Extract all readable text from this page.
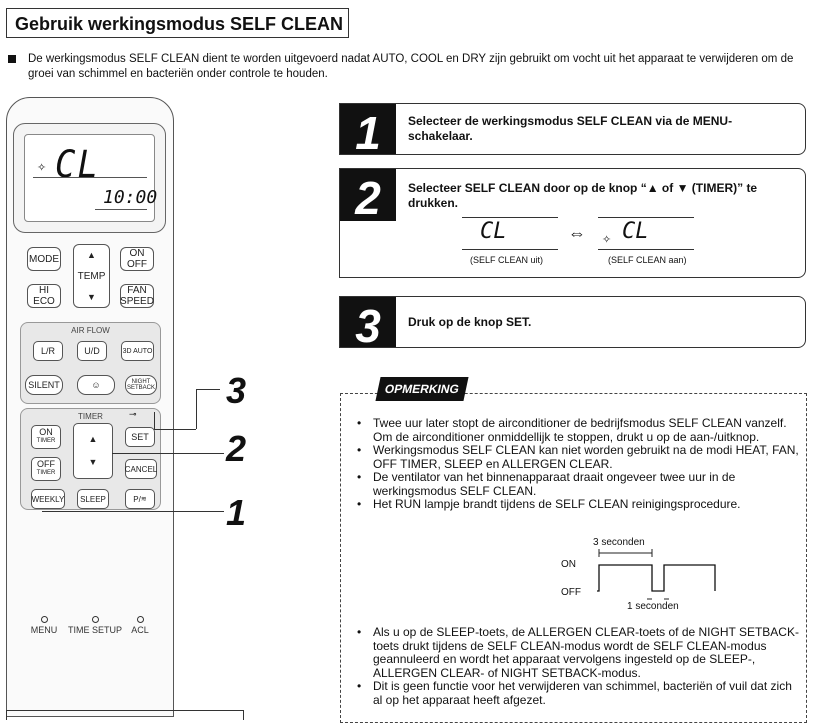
Gebruik werkingsmodus SELF CLEAN
De werkingsmodus SELF CLEAN dient te worden uitgevoerd nadat AUTO, COOL en DRY zijn gebruikt om vocht uit het apparaat te verwijderen om de groei van schimmel en bacteriën onder controle te houden.
✧ CL
10:00
MODE	▲
TEMP
▼
ON OFF
HI ECO
FAN SPEED
AIR FLOW
L/R	U/D	3D AUTO
SILENT	☺	NIGHT SETBACK
TIMER	⊸
ON
TIMER	▲
▼
SET
OFF
TIMER	CANCEL
WEEKLY	SLEEP	P/ ≋
MENU	TIME SETUP	ACL
3
2
1
1	Selecteer de werkingsmodus SELF CLEAN via de MENU-schakelaar.
2	Selecteer SELF CLEAN door op de knop “▲ of ▼ (TIMER)” te drukken.
CL
(SELF CLEAN uit)
⇔ ✧ CL
(SELF CLEAN aan)
3	Druk op de knop SET.
OPMERKING
• Twee uur later stopt de airconditioner de bedrijfsmodus SELF CLEAN vanzelf. Om de airconditioner onmiddellijk te stoppen, drukt u op de aan-/uitknop.
• Werkingsmodus SELF CLEAN kan niet worden gebruikt na de modi HEAT, FAN, OFF TIMER, SLEEP en ALLERGEN CLEAR.
• De ventilator van het binnenapparaat draait ongeveer twee uur in de werkingsmodus SELF CLEAN.
• Het RUN lampje brandt tijdens de SELF CLEAN reinigingsprocedure.
3 seconden
ON
OFF
1 seconden
• Als u op de SLEEP-toets, de ALLERGEN CLEAR-toets of de NIGHT SETBACK-toets drukt tijdens de SELF CLEAN-modus wordt de SELF CLEAN-modus geannuleerd en wordt het apparaat vervolgens ingesteld op de SLEEP-, ALLERGEN CLEAR- of NIGHT SETBACK-modus.
• Dit is geen functie voor het verwijderen van schimmel, bacteriën of vuil dat zich al op het apparaat heeft afgezet.
